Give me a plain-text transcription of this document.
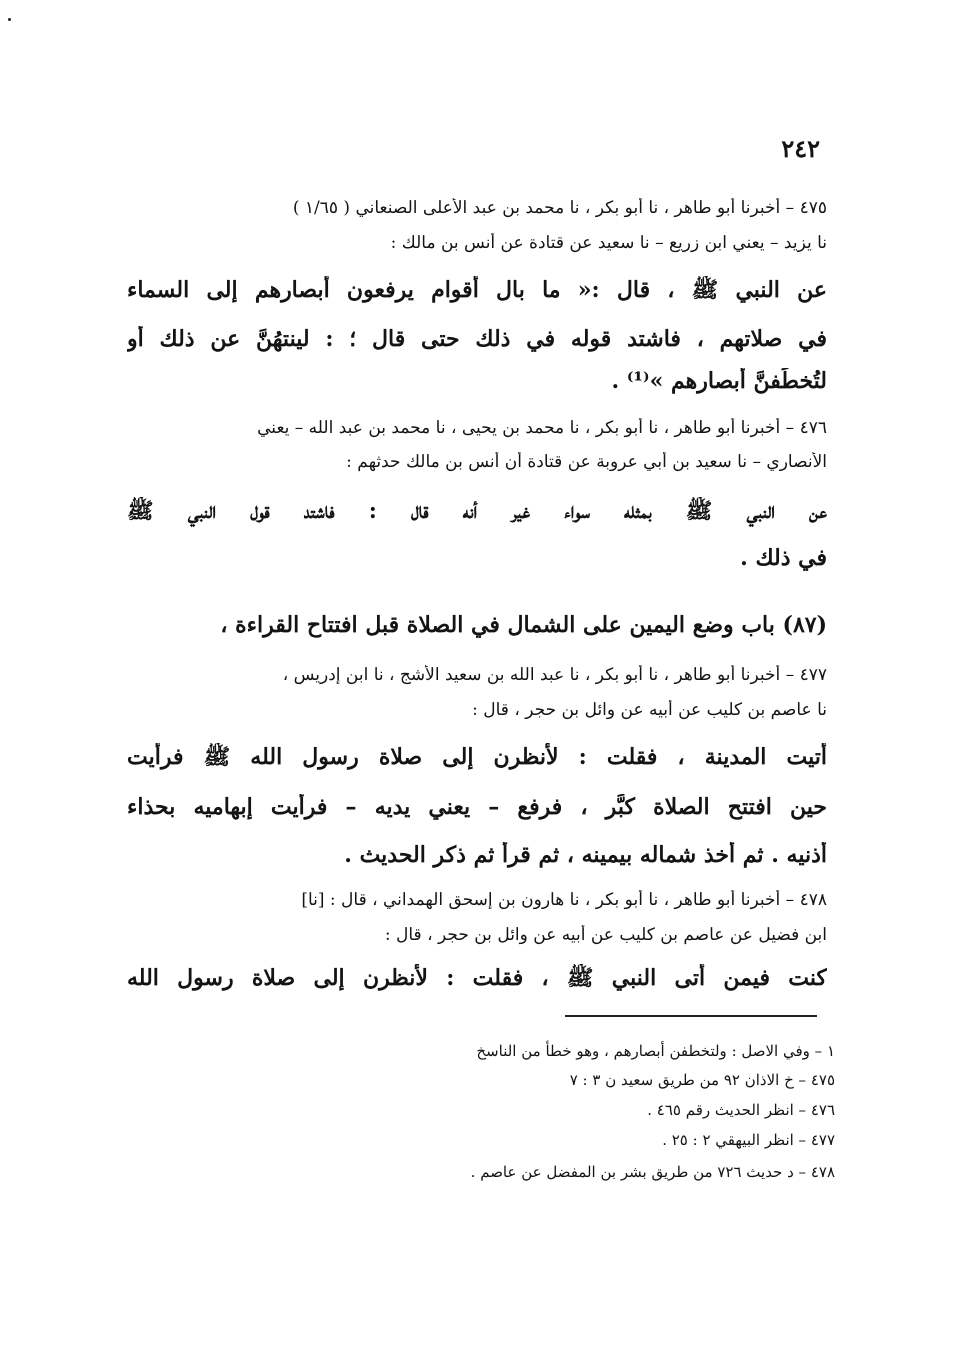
٢٤٢
٤٧٥ – أخبرنا أبو طاهر ، نا أبو بكر ، نا محمد بن عبد الأعلى الصنعاني ( ١/٦٥ )
نا يزيد – يعني ابن زريع – نا سعيد عن قتادة عن أنس بن مالك :
عن النبي ﷺ ، قال :« ما بال أقوام يرفعون أبصارهم إلى السماء
في صلاتهم ، فاشتد قوله في ذلك حتى قال ؛ : لينتهُنَّ عن ذلك أو
لتُخطَفنَّ أبصارهم »⁽¹⁾ .
٤٧٦ – أخبرنا أبو طاهر ، نا أبو بكر ، نا محمد بن يحيى ، نا محمد بن عبد الله – يعني
الأنصاري – نا سعيد بن أبي عروبة عن قتادة أن أنس بن مالك حدثهم :
عن النبي ﷺ بمثله سواء غير أنه قال : فاشتد قول النبي ﷺ
في ذلك .
(٨٧) باب وضع اليمين على الشمال في الصلاة قبل افتتاح القراءة ،
٤٧٧ – أخبرنا أبو طاهر ، نا أبو بكر ، نا عبد الله بن سعيد الأشج ، نا ابن إدريس ،
نا عاصم بن كليب عن أبيه عن وائل بن حجر ، قال :
أتيت المدينة ، فقلت : لأنظرن إلى صلاة رسول الله ﷺ فرأيت
حين افتتح الصلاة كبَّر ، فرفع – يعني يديه – فرأيت إبهاميه بحذاء
أذنيه . ثم أخذ شماله بيمينه ، ثم قرأ ثم ذكر الحديث .
٤٧٨ – أخبرنا أبو طاهر ، نا أبو بكر ، نا هارون بن إسحق الهمداني ، قال : [نا]
ابن فضيل عن عاصم بن كليب عن أبيه عن وائل بن حجر ، قال :
كنت فيمن أتى النبي ﷺ ، فقلت : لأنظرن إلى صلاة رسول الله
١ – وفي الاصل : ولتخطفن أبصارهم ، وهو خطأ من الناسخ
٤٧٥ – خ الاذان ٩٢ من طريق سعيد ن ٣ : ٧
٤٧٦ – انظر الحديث رقم ٤٦٥ .
٤٧٧ – انظر البيهقي ٢ : ٢٥ .
٤٧٨ – د حديث ٧٢٦ من طريق بشر بن المفضل عن عاصم .
